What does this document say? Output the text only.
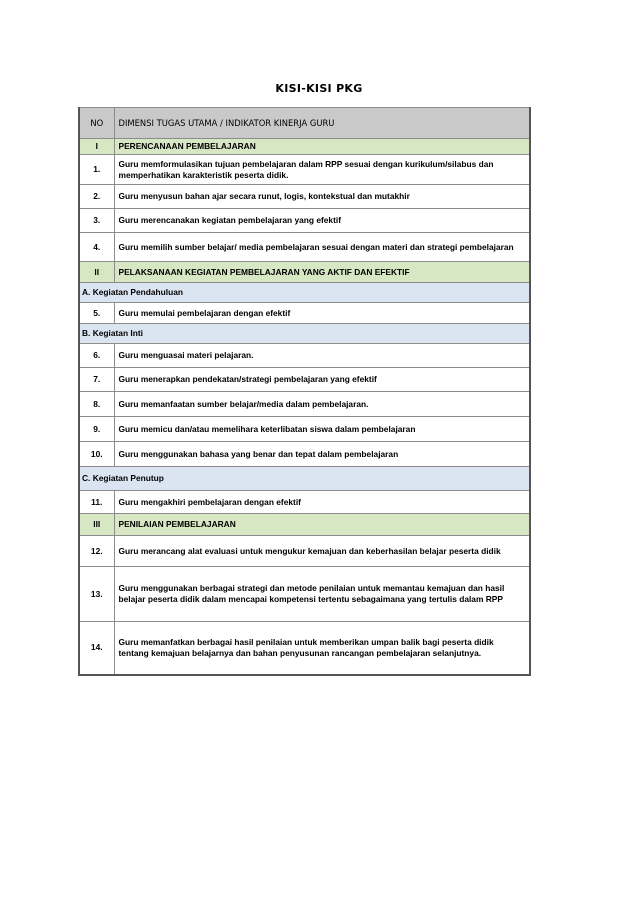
KISI-KISI PKG
NO	DIMENSI TUGAS UTAMA / INDIKATOR KINERJA GURU
I	PERENCANAAN PEMBELAJARAN
1.	Guru memformulasikan tujuan pembelajaran dalam RPP sesuai dengan kurikulum/silabus dan memperhatikan karakteristik peserta didik.
2.	Guru menyusun bahan ajar secara runut, logis, kontekstual dan mutakhir
3.	Guru merencanakan kegiatan pembelajaran yang efektif
4.	Guru memilih sumber belajar/ media pembelajaran sesuai dengan materi dan strategi pembelajaran
II	PELAKSANAAN KEGIATAN PEMBELAJARAN YANG AKTIF DAN EFEKTIF
A. Kegiatan Pendahuluan	
5.	Guru memulai pembelajaran dengan efektif
B. Kegiatan Inti	
6.	Guru menguasai materi pelajaran.
7.	Guru menerapkan pendekatan/strategi pembelajaran yang efektif
8.	Guru memanfaatan sumber belajar/media dalam pembelajaran.
9.	Guru memicu dan/atau memelihara keterlibatan siswa dalam pembelajaran
10.	Guru menggunakan bahasa yang benar dan tepat dalam pembelajaran
C. Kegiatan Penutup	
11.	Guru mengakhiri pembelajaran dengan efektif
III	PENILAIAN PEMBELAJARAN
12.	Guru merancang alat evaluasi untuk mengukur kemajuan dan keberhasilan belajar peserta didik
13.	Guru menggunakan berbagai strategi dan metode penilaian untuk memantau kemajuan dan hasil belajar peserta didik dalam mencapai kompetensi tertentu sebagaimana yang tertulis dalam RPP
14.	Guru memanfatkan berbagai hasil penilaian untuk memberikan umpan balik bagi peserta didik tentang kemajuan belajarnya dan bahan penyusunan rancangan pembelajaran selanjutnya.
